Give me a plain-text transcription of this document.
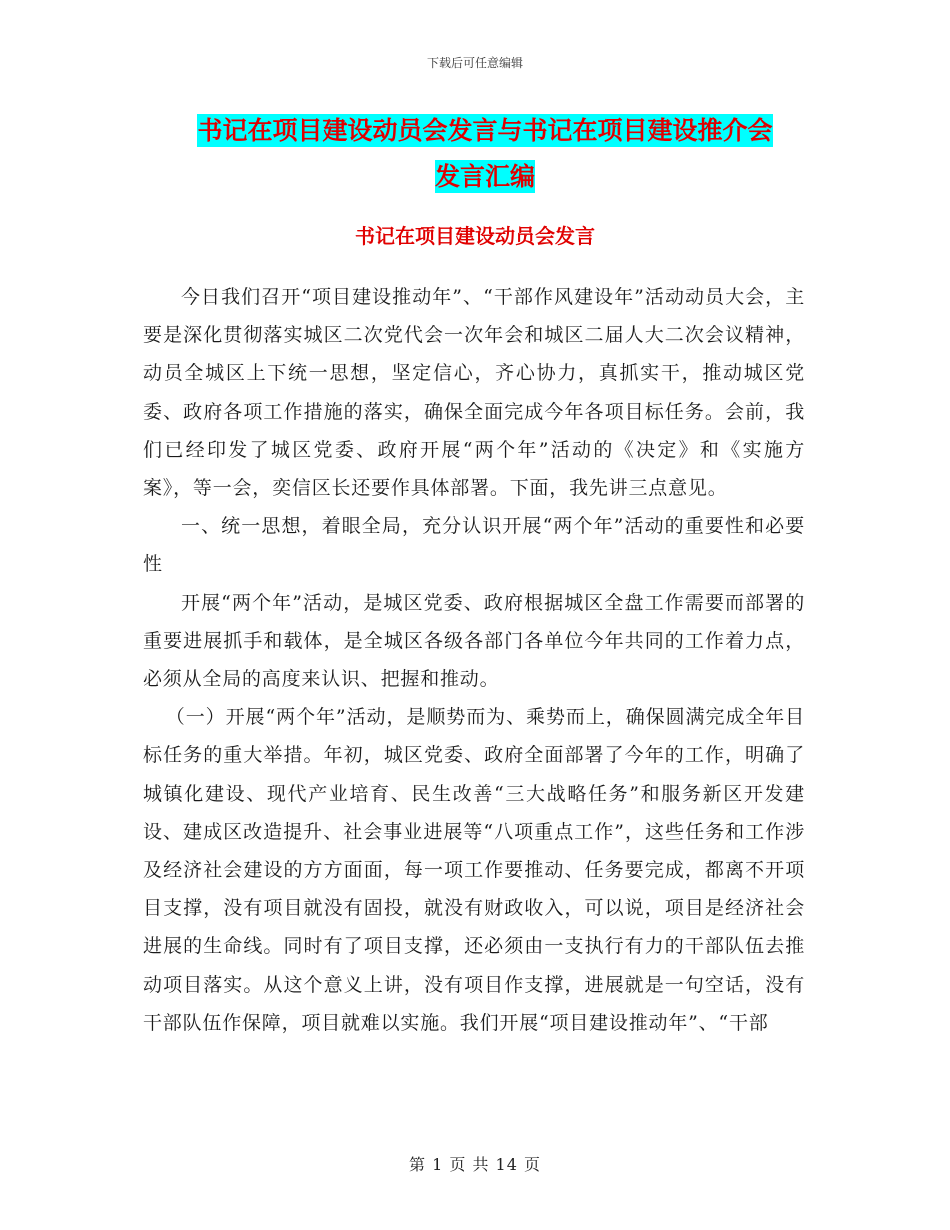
下载后可任意编辑
书记在项目建设动员会发言与书记在项目建设推介会
发言汇编
书记在项目建设动员会发言

今日我们召开“项目建设推动年”、“干部作风建设年”活动动员大会，主要是深化贯彻落实城区二次党代会一次年会和城区二届人大二次会议精神，动员全城区上下统一思想，坚定信心，齐心协力，真抓实干，推动城区党委、政府各项工作措施的落实，确保全面完成今年各项目标任务。会前，我们已经印发了城区党委、政府开展“两个年”活动的《决定》和《实施方案》，等一会，奕信区长还要作具体部署。下面，我先讲三点意见。

一、统一思想，着眼全局，充分认识开展“两个年”活动的重要性和必要性

开展“两个年”活动，是城区党委、政府根据城区全盘工作需要而部署的重要进展抓手和载体，是全城区各级各部门各单位今年共同的工作着力点，必须从全局的高度来认识、把握和推动。

（一）开展“两个年”活动，是顺势而为、乘势而上，确保圆满完成全年目标任务的重大举措。年初，城区党委、政府全面部署了今年的工作，明确了城镇化建设、现代产业培育、民生改善“三大战略任务”和服务新区开发建设、建成区改造提升、社会事业进展等“八项重点工作”，这些任务和工作涉及经济社会建设的方方面面，每一项工作要推动、任务要完成，都离不开项目支撑，没有项目就没有固投，就没有财政收入，可以说，项目是经济社会进展的生命线。同时有了项目支撑，还必须由一支执行有力的干部队伍去推动项目落实。从这个意义上讲，没有项目作支撑，进展就是一句空话，没有干部队伍作保障，项目就难以实施。我们开展“项目建设推动年”、“干部

第 1 页 共 14 页
